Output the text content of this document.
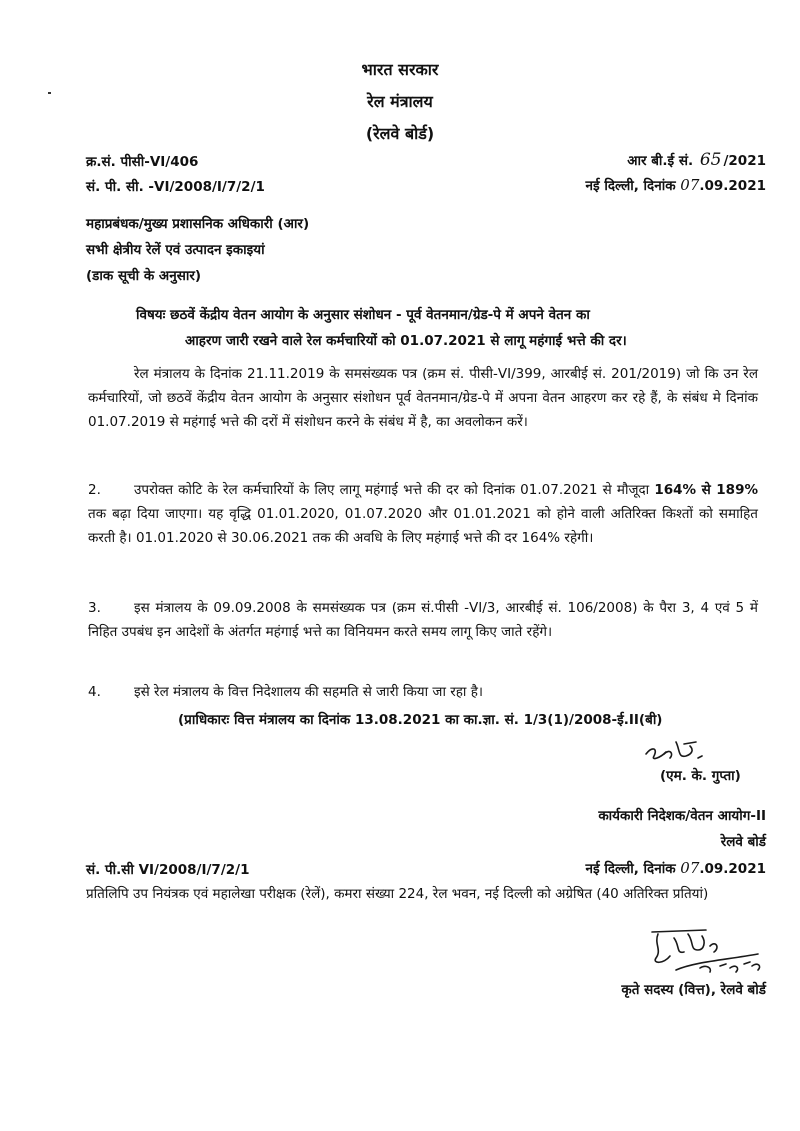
भारत सरकार
रेल मंत्रालय
(रेलवे बोर्ड)
क्र.सं. पीसी-VI/406
सं. पी. सी. -VI/2008/I/7/2/1
आर बी.ई सं. 65 /2021
नई दिल्ली, दिनांक 07.09.2021
महाप्रबंधक/मुख्य प्रशासनिक अधिकारी (आर)
सभी क्षेत्रीय रेलें एवं उत्पादन इकाइयां
(डाक सूची के अनुसार)
विषयः छठवें केंद्रीय वेतन आयोग के अनुसार संशोधन - पूर्व वेतनमान/ग्रेड-पे में अपने वेतन का
आहरण जारी रखने वाले रेल कर्मचारियों को 01.07.2021 से लागू महंगाई भत्ते की दर।
रेल मंत्रालय के दिनांक 21.11.2019 के समसंख्यक पत्र (क्रम सं. पीसी-VI/399, आरबीई सं. 201/2019) जो कि उन रेल कर्मचारियों, जो छठवें केंद्रीय वेतन आयोग के अनुसार संशोधन पूर्व वेतनमान/ग्रेड-पे में अपना वेतन आहरण कर रहे हैं, के संबंध मे दिनांक 01.07.2019 से महंगाई भत्ते की दरों में संशोधन करने के संबंध में है, का अवलोकन करें।
2. उपरोक्त कोटि के रेल कर्मचारियों के लिए लागू महंगाई भत्ते की दर को दिनांक 01.07.2021 से मौजूदा 164% से 189% तक बढ़ा दिया जाएगा। यह वृद्धि 01.01.2020, 01.07.2020 और 01.01.2021 को होने वाली अतिरिक्त किश्तों को समाहित करती है। 01.01.2020 से 30.06.2021 तक की अवधि के लिए महंगाई भत्ते की दर 164% रहेगी।
3. इस मंत्रालय के 09.09.2008 के समसंख्यक पत्र (क्रम सं.पीसी -VI/3, आरबीई सं. 106/2008) के पैरा 3, 4 एवं 5 में निहित उपबंध इन आदेशों के अंतर्गत महंगाई भत्ते का विनियमन करते समय लागू किए जाते रहेंगे।
4. इसे रेल मंत्रालय के वित्त निदेशालय की सहमति से जारी किया जा रहा है।
(प्राधिकारः वित्त मंत्रालय का दिनांक 13.08.2021 का का.ज्ञा. सं. 1/3(1)/2008-ई.II(बी)
(एम. के. गुप्ता)
कार्यकारी निदेशक/वेतन आयोग-II
रेलवे बोर्ड
सं. पी.सी VI/2008/I/7/2/1	नई दिल्ली, दिनांक 07.09.2021
प्रतिलिपि उप नियंत्रक एवं महालेखा परीक्षक (रेलें), कमरा संख्या 224, रेल भवन, नई दिल्ली को अग्रेषित (40 अतिरिक्त प्रतियां)
कृते सदस्य (वित्त), रेलवे बोर्ड
